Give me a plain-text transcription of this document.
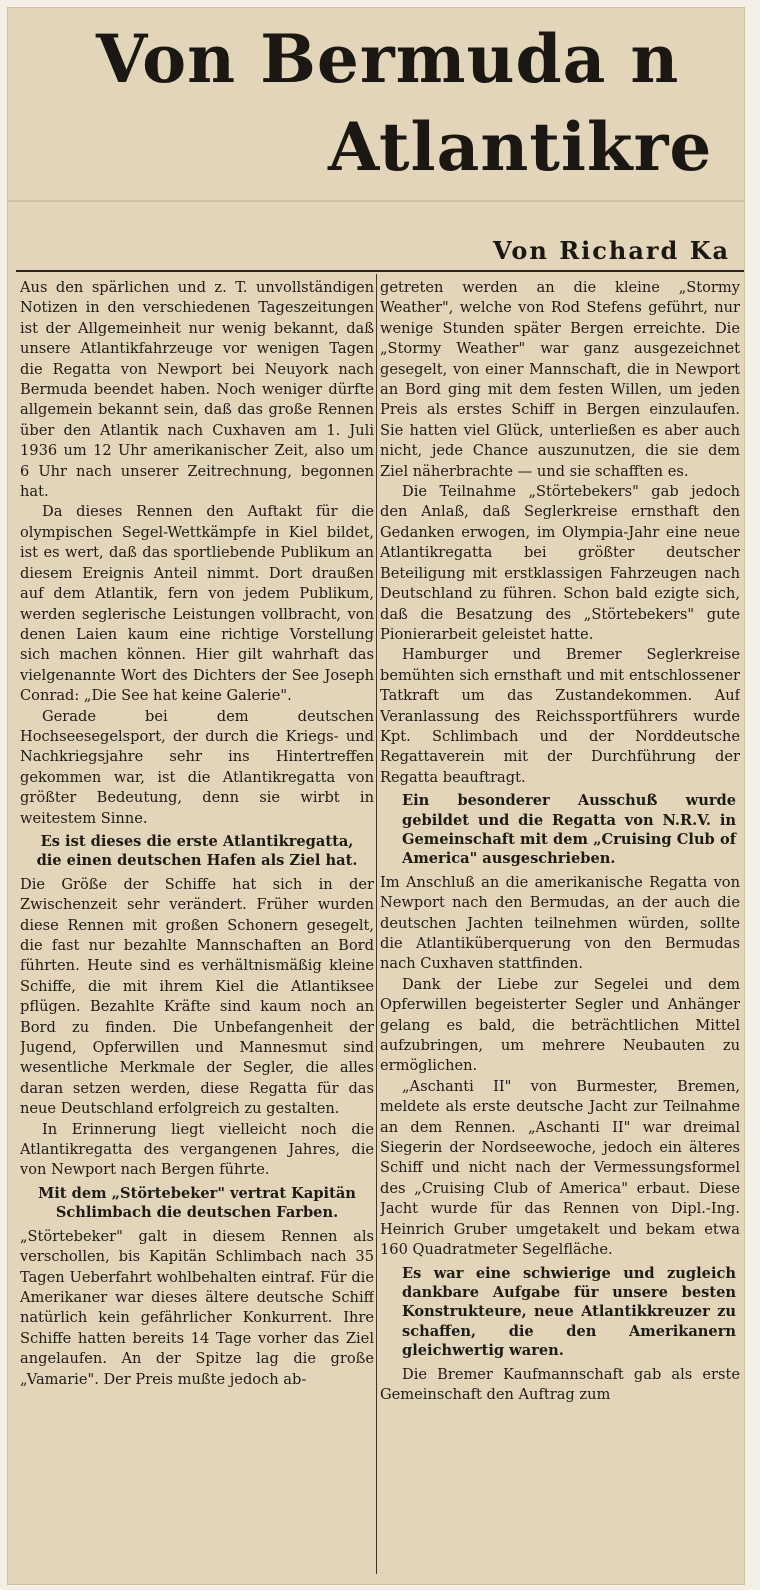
Von Bermuda n
Atlantikre
Von Richard Ka

Aus den spärlichen und z. T. unvollständigen Notizen in den verschiedenen Tageszeitungen ist der Allgemeinheit nur wenig bekannt, daß unsere Atlantikfahrzeuge vor wenigen Tagen die Regatta von Newport bei Neuyork nach Bermuda beendet haben. Noch weniger dürfte allgemein bekannt sein, daß das große Rennen über den Atlantik nach Cuxhaven am 1. Juli 1936 um 12 Uhr amerikanischer Zeit, also um 6 Uhr nach unserer Zeitrechnung, begonnen hat.

Da dieses Rennen den Auftakt für die olympischen Segel-Wettkämpfe in Kiel bildet, ist es wert, daß das sportliebende Publikum an diesem Ereignis Anteil nimmt. Dort draußen auf dem Atlantik, fern von jedem Publikum, werden seglerische Leistungen vollbracht, von denen Laien kaum eine richtige Vorstellung sich machen können. Hier gilt wahrhaft das vielgenannte Wort des Dichters der See Joseph Conrad: „Die See hat keine Galerie".

Gerade bei dem deutschen Hochseesegelsport, der durch die Kriegs- und Nachkriegsjahre sehr ins Hintertreffen gekommen war, ist die Atlantikregatta von größter Bedeutung, denn sie wirbt in weitestem Sinne.

Es ist dieses die erste Atlantikregatta, die einen deutschen Hafen als Ziel hat.

Die Größe der Schiffe hat sich in der Zwischenzeit sehr verändert. Früher wurden diese Rennen mit großen Schonern gesegelt, die fast nur bezahlte Mannschaften an Bord führten. Heute sind es verhältnismäßig kleine Schiffe, die mit ihrem Kiel die Atlantiksee pflügen. Bezahlte Kräfte sind kaum noch an Bord zu finden. Die Unbefangenheit der Jugend, Opferwillen und Mannesmut sind wesentliche Merkmale der Segler, die alles daran setzen werden, diese Regatta für das neue Deutschland erfolgreich zu gestalten.

In Erinnerung liegt vielleicht noch die Atlantikregatta des vergangenen Jahres, die von Newport nach Bergen führte.

Mit dem „Störtebeker" vertrat Kapitän Schlimbach die deutschen Farben.

„Störtebeker" galt in diesem Rennen als verschollen, bis Kapitän Schlimbach nach 35 Tagen Ueberfahrt wohlbehalten eintraf. Für die Amerikaner war dieses ältere deutsche Schiff natürlich kein gefährlicher Konkurrent. Ihre Schiffe hatten bereits 14 Tage vorher das Ziel angelaufen. An der Spitze lag die große „Vamarie". Der Preis mußte jedoch ab-

getreten werden an die kleine „Stormy Weather", welche von Rod Stefens geführt, nur wenige Stunden später Bergen erreichte. Die „Stormy Weather" war ganz ausgezeichnet gesegelt, von einer Mannschaft, die in Newport an Bord ging mit dem festen Willen, um jeden Preis als erstes Schiff in Bergen einzulaufen. Sie hatten viel Glück, unterließen es aber auch nicht, jede Chance auszunutzen, die sie dem Ziel näherbrachte — und sie schafften es.

Die Teilnahme „Störtebekers" gab jedoch den Anlaß, daß Seglerkreise ernsthaft den Gedanken erwogen, im Olympia-Jahr eine neue Atlantikregatta bei größter deutscher Beteiligung mit erstklassigen Fahrzeugen nach Deutschland zu führen. Schon bald ezigte sich, daß die Besatzung des „Störtebekers" gute Pionierarbeit geleistet hatte.

Hamburger und Bremer Seglerkreise bemühten sich ernsthaft und mit entschlossener Tatkraft um das Zustandekommen. Auf Veranlassung des Reichssportführers wurde Kpt. Schlimbach und der Norddeutsche Regattaverein mit der Durchführung der Regatta beauftragt.

Ein besonderer Ausschuß wurde gebildet und die Regatta von N.R.V. in Gemeinschaft mit dem „Cruising Club of America" ausgeschrieben.

Im Anschluß an die amerikanische Regatta von Newport nach den Bermudas, an der auch die deutschen Jachten teilnehmen würden, sollte die Atlantiküberquerung von den Bermudas nach Cuxhaven stattfinden.

Dank der Liebe zur Segelei und dem Opferwillen begeisterter Segler und Anhänger gelang es bald, die beträchtlichen Mittel aufzubringen, um mehrere Neubauten zu ermöglichen.

„Aschanti II" von Burmester, Bremen, meldete als erste deutsche Jacht zur Teilnahme an dem Rennen. „Aschanti II" war dreimal Siegerin der Nordseewoche, jedoch ein älteres Schiff und nicht nach der Vermessungsformel des „Cruising Club of America" erbaut. Diese Jacht wurde für das Rennen von Dipl.-Ing. Heinrich Gruber umgetakelt und bekam etwa 160 Quadratmeter Segelfläche.

Es war eine schwierige und zugleich dankbare Aufgabe für unsere besten Konstrukteure, neue Atlantikkreuzer zu schaffen, die den Amerikanern gleichwertig waren.

Die Bremer Kaufmannschaft gab als erste Gemeinschaft den Auftrag zum
